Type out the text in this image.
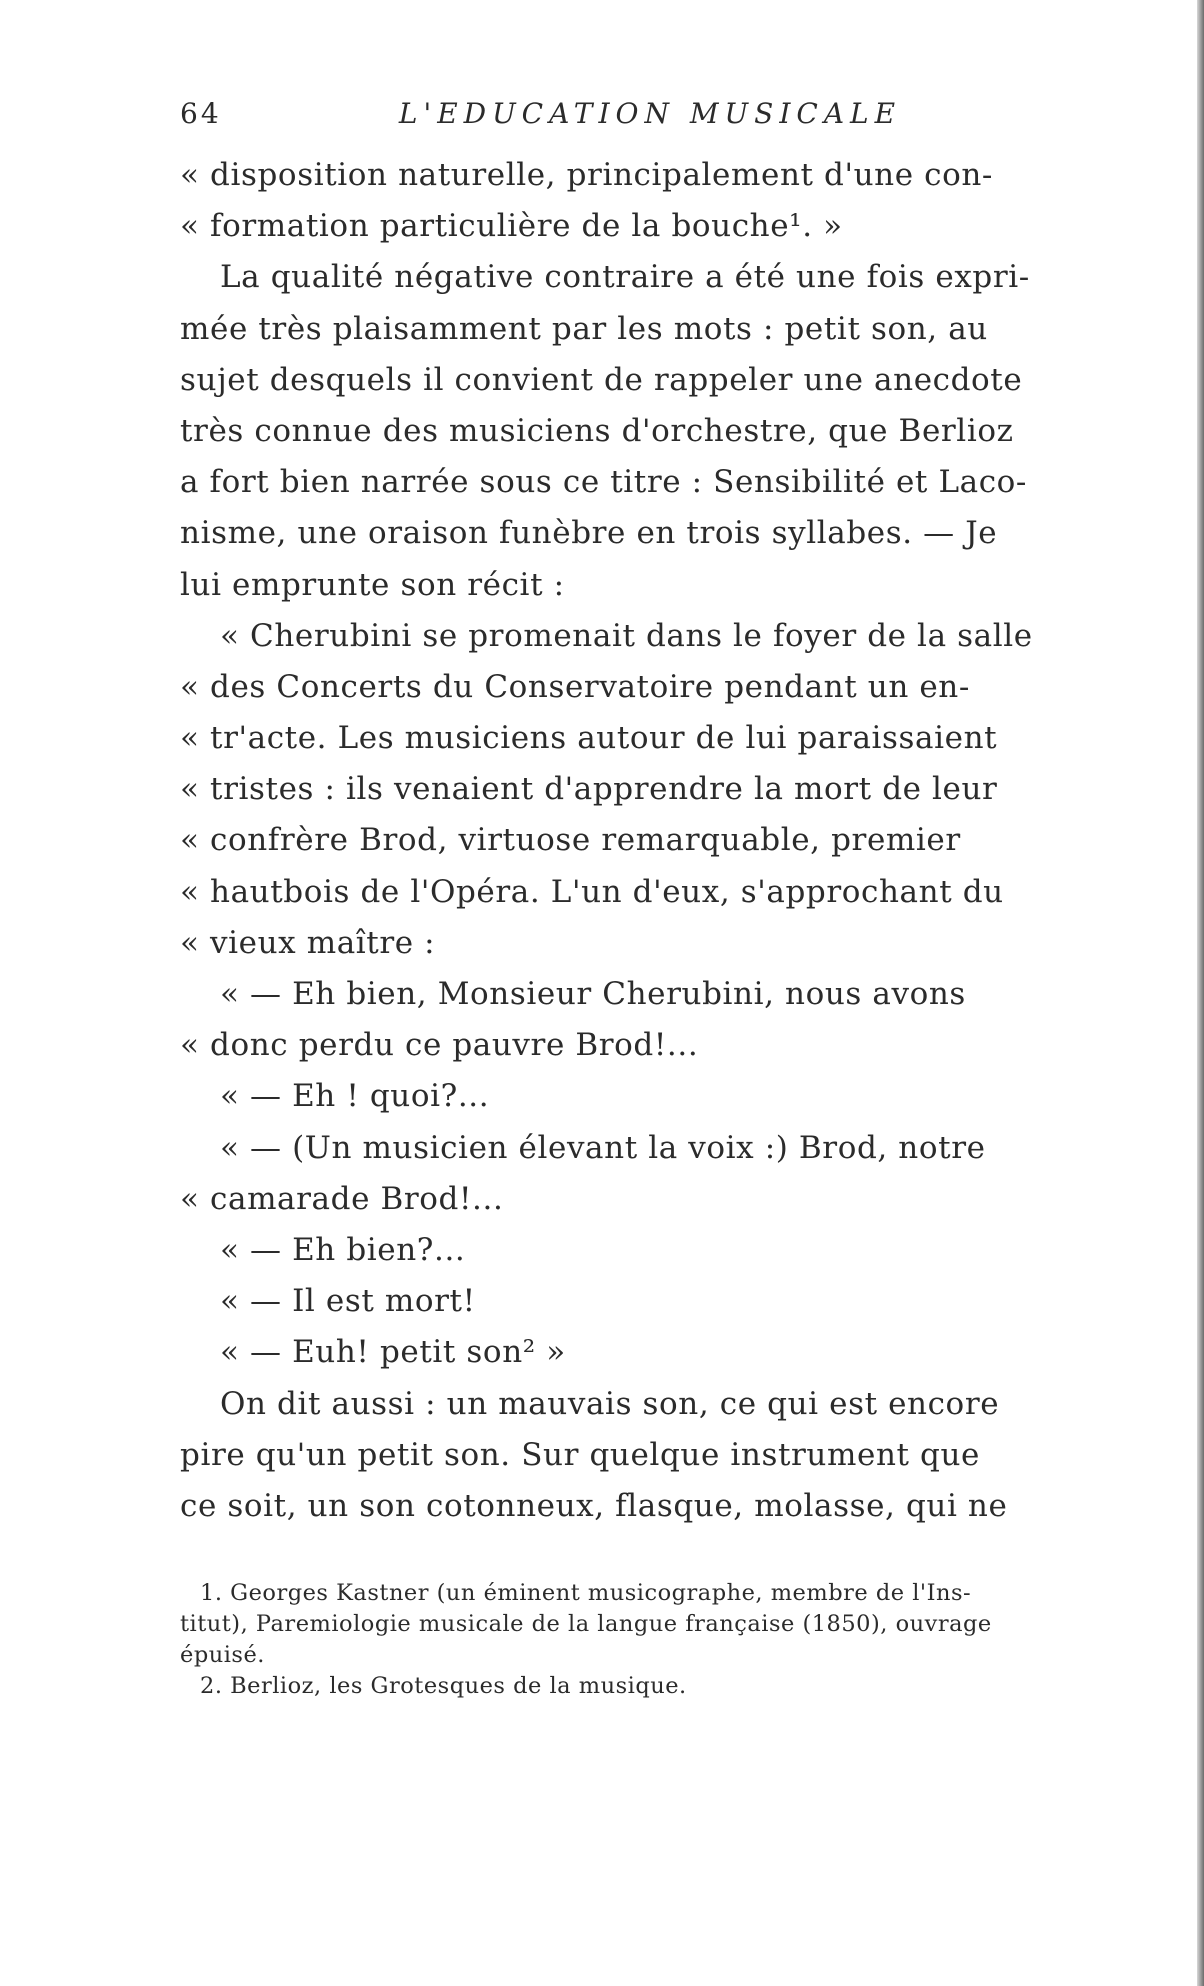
64	L'EDUCATION MUSICALE
« disposition naturelle, principalement d'une con-
« formation particulière de la bouche¹. »
La qualité négative contraire a été une fois expri-
mée très plaisamment par les mots : petit son, au
sujet desquels il convient de rappeler une anecdote
très connue des musiciens d'orchestre, que Berlioz
a fort bien narrée sous ce titre : Sensibilité et Laco-
nisme, une oraison funèbre en trois syllabes. — Je
lui emprunte son récit :
« Cherubini se promenait dans le foyer de la salle
« des Concerts du Conservatoire pendant un en-
« tr'acte. Les musiciens autour de lui paraissaient
« tristes : ils venaient d'apprendre la mort de leur
« confrère Brod, virtuose remarquable, premier
« hautbois de l'Opéra. L'un d'eux, s'approchant du
« vieux maître :
« — Eh bien, Monsieur Cherubini, nous avons
« donc perdu ce pauvre Brod!...
« — Eh ! quoi?...
« — (Un musicien élevant la voix :) Brod, notre
« camarade Brod!...
« — Eh bien?...
« — Il est mort!
« — Euh! petit son² »
On dit aussi : un mauvais son, ce qui est encore
pire qu'un petit son. Sur quelque instrument que
ce soit, un son cotonneux, flasque, molasse, qui ne
1. Georges Kastner (un éminent musicographe, membre de l'Ins-
titut), Paremiologie musicale de la langue française (1850), ouvrage
épuisé.
2. Berlioz, les Grotesques de la musique.
